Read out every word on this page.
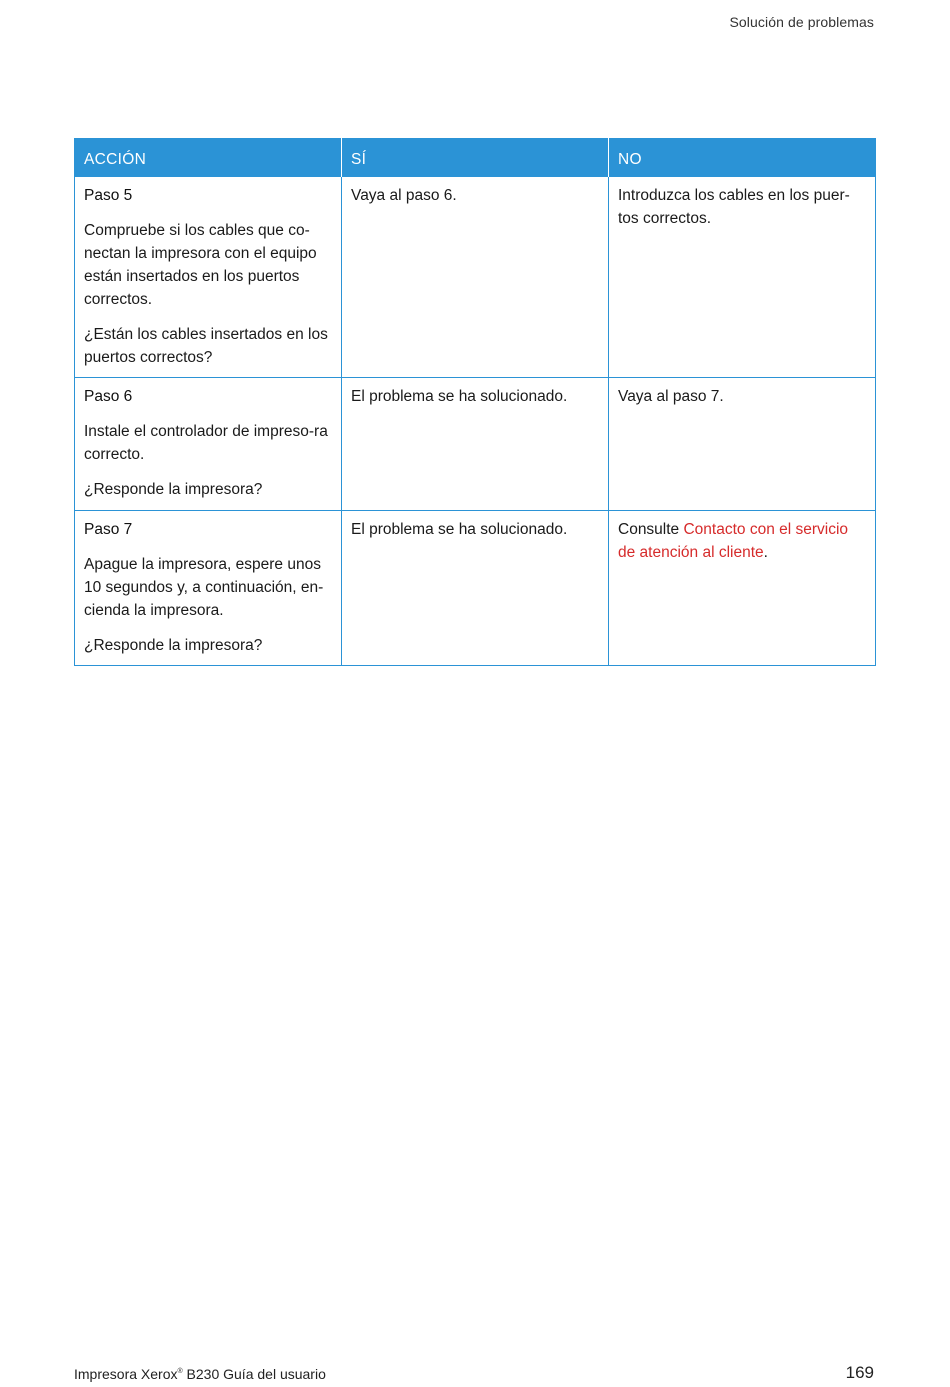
Solución de problemas
ACCIÓN	SÍ	NO

Paso 5

Compruebe si los cables que co-nectan la impresora con el equipo están insertados en los puertos correctos.

¿Están los cables insertados en los puertos correctos?	Vaya al paso 6.	Introduzca los cables en los puer-tos correctos.

Paso 6

Instale el controlador de impreso-ra correcto.

¿Responde la impresora?	El problema se ha solucionado.	Vaya al paso 7.

Paso 7

Apague la impresora, espere unos 10 segundos y, a continuación, en-cienda la impresora.

¿Responde la impresora?	El problema se ha solucionado.	Consulte Contacto con el servicio de atención al cliente.
Impresora Xerox® B230 Guía del usuario	169
